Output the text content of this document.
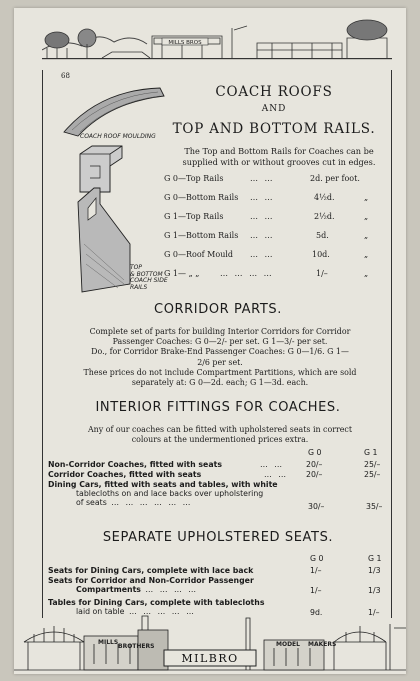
MILLS BROS
68
COACH ROOF MOULDING
TOP
& BOTTOM
COACH SIDE
RAILS
COACH ROOFS
AND
TOP AND BOTTOM RAILS.
The Top and Bottom Rails for Coaches can be
supplied with or without grooves cut in edges.
G 0—Top Rails	… …	2d. per foot.
G 0—Bottom Rails … …	4½d.	„
G 1—Top Rails	… …	2½d.	„
G 1—Bottom Rails … …	5d.	„
G 0—Roof Mould … …	10d.	„
G 1— „ „	… … … …	1/–	„
CORRIDOR PARTS.
Complete set of parts for building Interior Corridors for Corridor
Passenger Coaches: G 0—2/- per set. G 1—3/- per set.
Do., for Corridor Brake-End Passenger Coaches: G 0—1/6. G 1—
2/6 per set.
These prices do not include Compartment Partitions, which are sold
separately at: G 0—2d. each; G 1—3d. each.
INTERIOR FITTINGS FOR COACHES.
Any of our coaches can be fitted with upholstered seats in correct
colours at the undermentioned prices extra.
G 0	G 1
Non-Corridor Coaches, fitted with seats	… …	20/–	25/–
Corridor Coaches, fitted with seats	… … 20/–	25/–
Dining Cars, fitted with seats and tables, with white
tablecloths on and lace backs over upholstering
of seats … … … … … …	30/–	35/–
SEPARATE UPHOLSTERED SEATS.
G 0	G 1
Seats for Dining Cars, complete with lace back	1/–	1/3
Seats for Corridor and Non-Corridor Passenger
Compartments … … … …	1/–	1/3
Tables for Dining Cars, complete with tablecloths
laid on table … … … … …	9d.	1/–
MILLS
BROTHERS	MODEL MAKERS
MILBRO
